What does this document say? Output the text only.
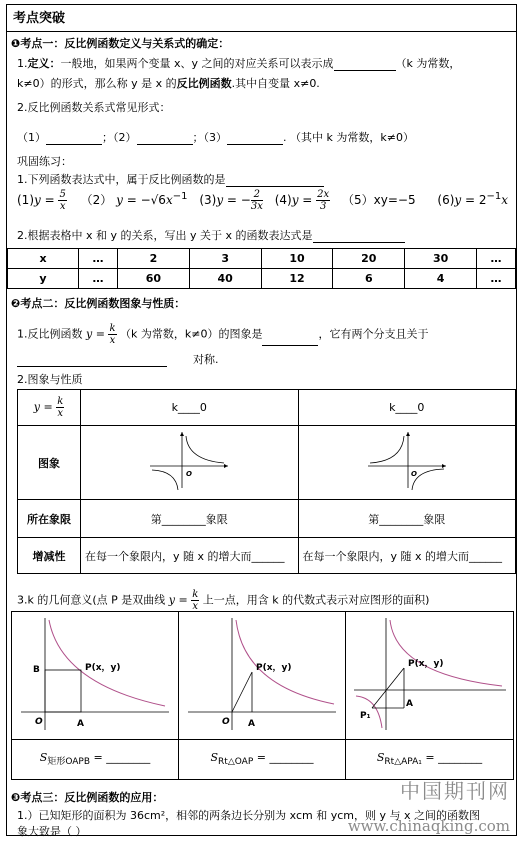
考点突破
❶考点一：反比例函数定义与关系式的确定：
1.定义：一般地，如果两个变量 x、y 之间的对应关系可以表示成	（k 为常数，
k≠0）的形式，那么称 y 是 x 的反比例函数.其中自变量 x≠0.
2.反比例函数关系式常见形式：
（1）	；（2）	；（3）	. （其中 k 为常数，k≠0）
巩固练习：
1.下列函数表达式中，属于反比例函数的是
$(1)y = \frac{5}{x} (2) y = -√6x^{-1}$ (3)y = − $\frac{2}{3x} (4)y = \frac{2x}{3} (5)xy=-5$ $(6)y = 2^{-1}x$
2.根据表格中 x 和 y 的关系，写出 y 关于 x 的函数表达式是
x	…	2	3	10	20	30	…
y	…	60	40	12	6	4	…
❷考点二：反比例函数图象与性质：
1.反比例函数 $y = \frac{k}{x} (k$ 为常数，k≠0）的图象是	，它有两个分支且关于
对称.
2.图象与性质
$y = \frac{k}{x}$	k____0	k____0
图象	O	O

所在象限	第________象限	第________象限
增减性	在每一个象限内，y 随 x 的增大而______	在每一个象限内，y 随 x 的增大而______
3.k 的几何意义(点 P 是双曲线 $y = \frac{k}{x}$ 上一点，用含 k 的代数式表示对应图形的面积)
P(x，y)
B
O A	P(x，y)
O A	P(x，y)
A
P₁

$S_{矩形OAPB}$ = ________	$S_{Rt\triangle OAP}$ = ________	$S_{Rt\triangle APA_1}$ = ________
❸考点三：反比例函数的应用：
1.）已知矩形的面积为 36cm²，相邻的两条边长分别为 xcm 和 ycm，则 y 与 x 之间的函数图
象大致是（ ）
中国期刊网
www.chinaqking.com
